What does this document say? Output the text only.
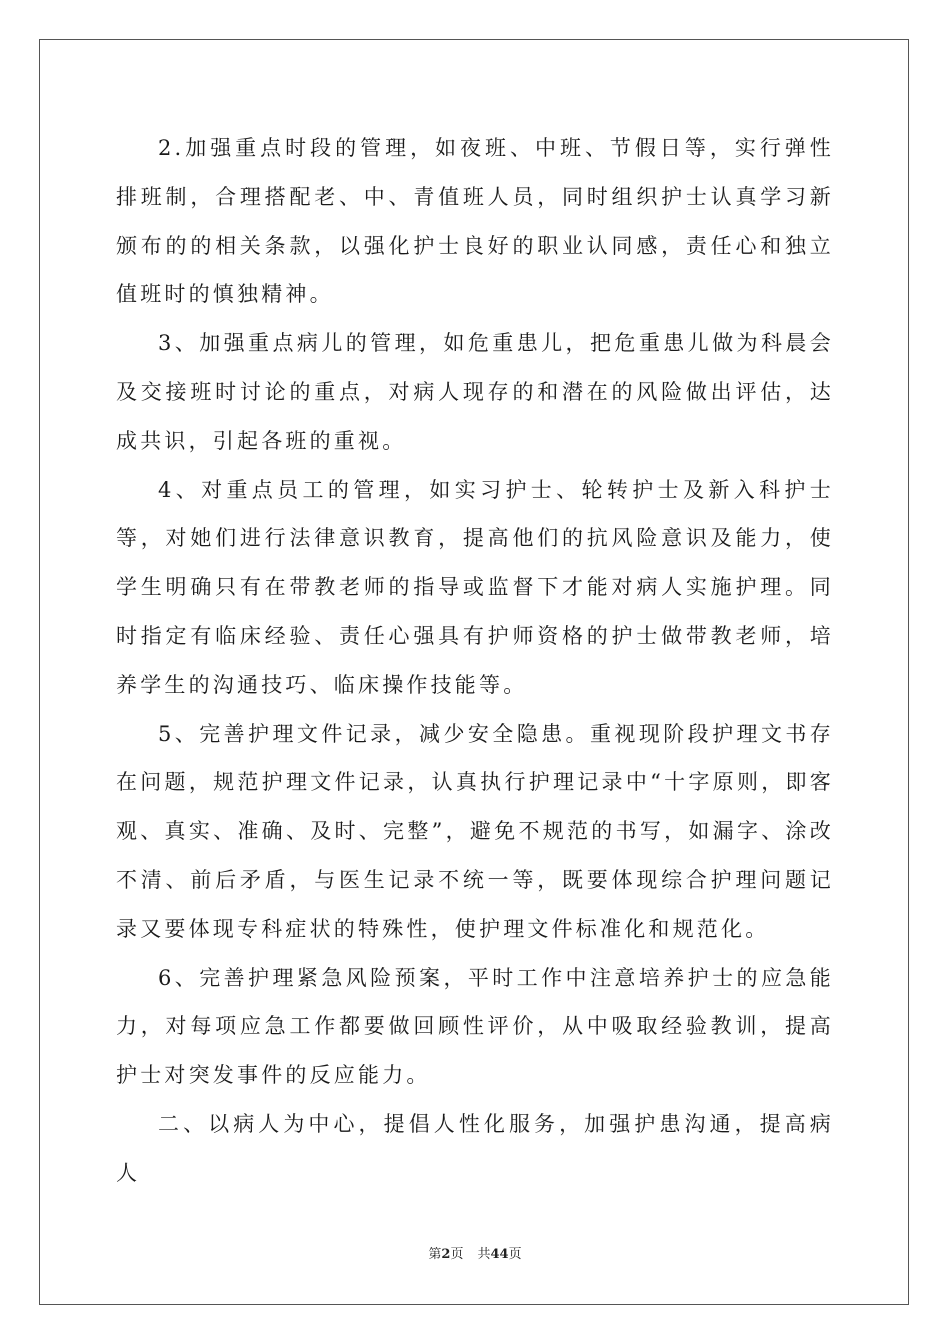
2.加强重点时段的管理，如夜班、中班、节假日等，实行弹性排班制，合理搭配老、中、青值班人员，同时组织护士认真学习新颁布的的相关条款，以强化护士良好的职业认同感，责任心和独立值班时的慎独精神。

3、加强重点病儿的管理，如危重患儿，把危重患儿做为科晨会及交接班时讨论的重点，对病人现存的和潜在的风险做出评估，达成共识，引起各班的重视。

4、对重点员工的管理，如实习护士、轮转护士及新入科护士等，对她们进行法律意识教育，提高他们的抗风险意识及能力，使学生明确只有在带教老师的指导或监督下才能对病人实施护理。同时指定有临床经验、责任心强具有护师资格的护士做带教老师，培养学生的沟通技巧、临床操作技能等。

5、完善护理文件记录，减少安全隐患。重视现阶段护理文书存在问题，规范护理文件记录，认真执行护理记录中“十字原则，即客观、真实、准确、及时、完整”，避免不规范的书写，如漏字、涂改不清、前后矛盾，与医生记录不统一等，既要体现综合护理问题记录又要体现专科症状的特殊性，使护理文件标准化和规范化。

6、完善护理紧急风险预案，平时工作中注意培养护士的应急能力，对每项应急工作都要做回顾性评价，从中吸取经验教训，提高护士对突发事件的反应能力。

二、以病人为中心，提倡人性化服务，加强护患沟通，提高病人

第2页 共44页
